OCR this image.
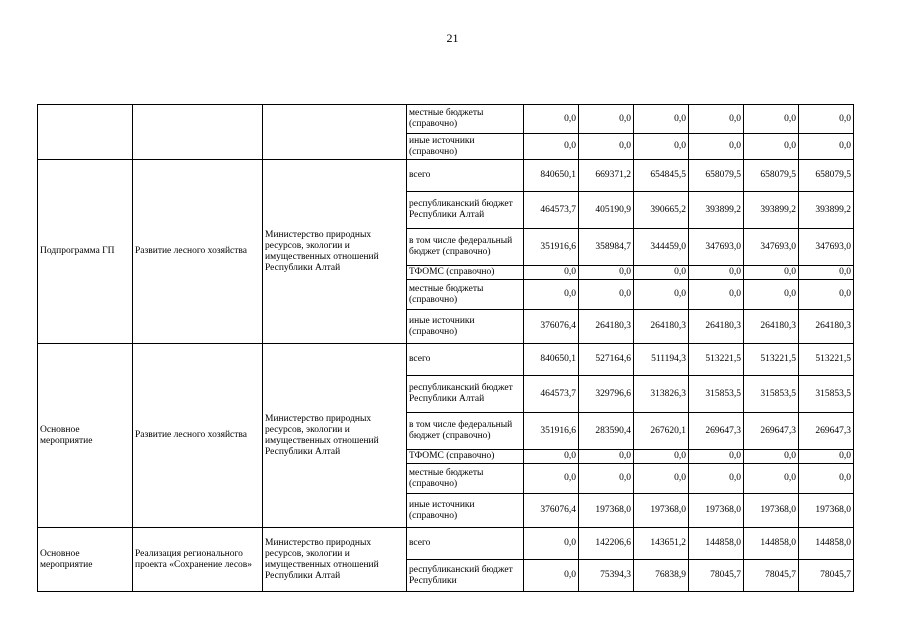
21
			местные бюджеты (справочно)	0,0	0,0	0,0	0,0	0,0	0,0
			иные источники (справочно)	0,0	0,0	0,0	0,0	0,0	0,0
Подпрограмма ГП	Развитие лесного хозяйства	Министерство природных ресурсов, экологии и имущественных отношений Республики Алтай	всего	840650,1	669371,2	654845,5	658079,5	658079,5	658079,5
			республиканский бюджет Республики Алтай	464573,7	405190,9	390665,2	393899,2	393899,2	393899,2
			в том числе федеральный бюджет (справочно)	351916,6	358984,7	344459,0	347693,0	347693,0	347693,0
			ТФОМС (справочно)	0,0	0,0	0,0	0,0	0,0	0,0
			местные бюджеты (справочно)	0,0	0,0	0,0	0,0	0,0	0,0
			иные источники (справочно)	376076,4	264180,3	264180,3	264180,3	264180,3	264180,3
Основное мероприятие	Развитие лесного хозяйства	Министерство природных ресурсов, экологии и имущественных отношений Республики Алтай	всего	840650,1	527164,6	511194,3	513221,5	513221,5	513221,5
			республиканский бюджет Республики Алтай	464573,7	329796,6	313826,3	315853,5	315853,5	315853,5
			в том числе федеральный бюджет (справочно)	351916,6	283590,4	267620,1	269647,3	269647,3	269647,3
			ТФОМС (справочно)	0,0	0,0	0,0	0,0	0,0	0,0
			местные бюджеты (справочно)	0,0	0,0	0,0	0,0	0,0	0,0
			иные источники (справочно)	376076,4	197368,0	197368,0	197368,0	197368,0	197368,0
Основное мероприятие	Реализация регионального проекта «Сохранение лесов»	Министерство природных ресурсов, экологии и имущественных отношений Республики Алтай	всего	0,0	142206,6	143651,2	144858,0	144858,0	144858,0
			республиканский бюджет Республики	0,0	75394,3	76838,9	78045,7	78045,7	78045,7
